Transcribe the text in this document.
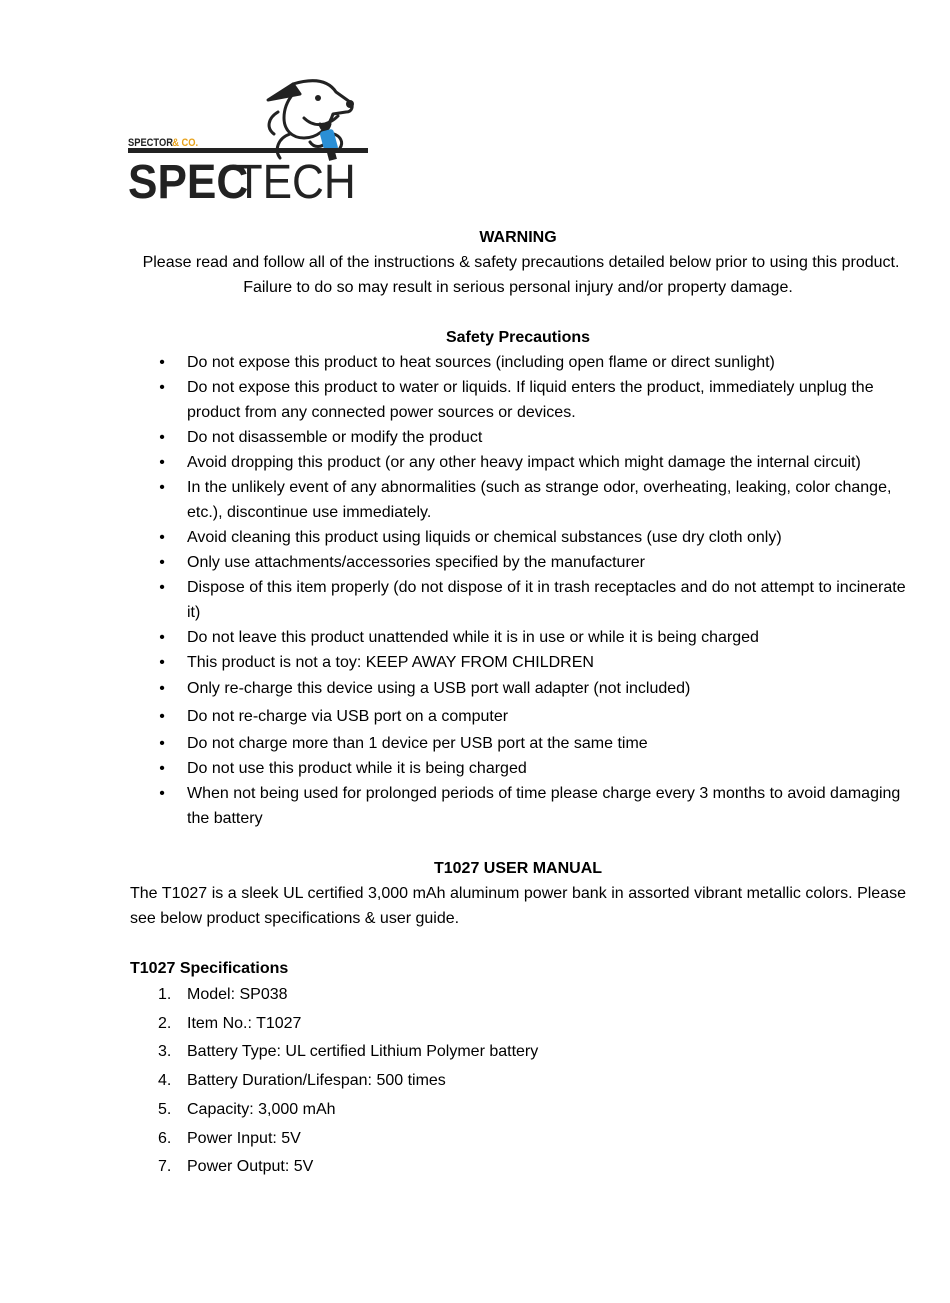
SPECTOR & CO.
SPEC
TECH
WARNING
Please read and follow all of the instructions & safety precautions detailed below prior to using this product.
Failure to do so may result in serious personal injury and/or property damage.
Safety Precautions
• Do not expose this product to heat sources (including open flame or direct sunlight)
• Do not expose this product to water or liquids. If liquid enters the product, immediately unplug the product from any connected power sources or devices.
• Do not disassemble or modify the product
• Avoid dropping this product (or any other heavy impact which might damage the internal circuit)
• In the unlikely event of any abnormalities (such as strange odor, overheating, leaking, color change, etc.), discontinue use immediately.
• Avoid cleaning this product using liquids or chemical substances (use dry cloth only)
• Only use attachments/accessories specified by the manufacturer
• Dispose of this item properly (do not dispose of it in trash receptacles and do not attempt to incinerate it)
• Do not leave this product unattended while it is in use or while it is being charged
• This product is not a toy: KEEP AWAY FROM CHILDREN
• Only re-charge this device using a USB port wall adapter (not included)
• Do not re-charge via USB port on a computer
• Do not charge more than 1 device per USB port at the same time
• Do not use this product while it is being charged
• When not being used for prolonged periods of time please charge every 3 months to avoid damaging the battery
T1027 USER MANUAL

The T1027 is a sleek UL certified 3,000 mAh aluminum power bank in assorted vibrant metallic colors. Please see below product specifications & user guide.

T1027 Specifications
1. Model: SP038
2. Item No.: T1027
3. Battery Type: UL certified Lithium Polymer battery
4. Battery Duration/Lifespan: 500 times
5. Capacity: 3,000 mAh
6. Power Input: 5V
7. Power Output: 5V
